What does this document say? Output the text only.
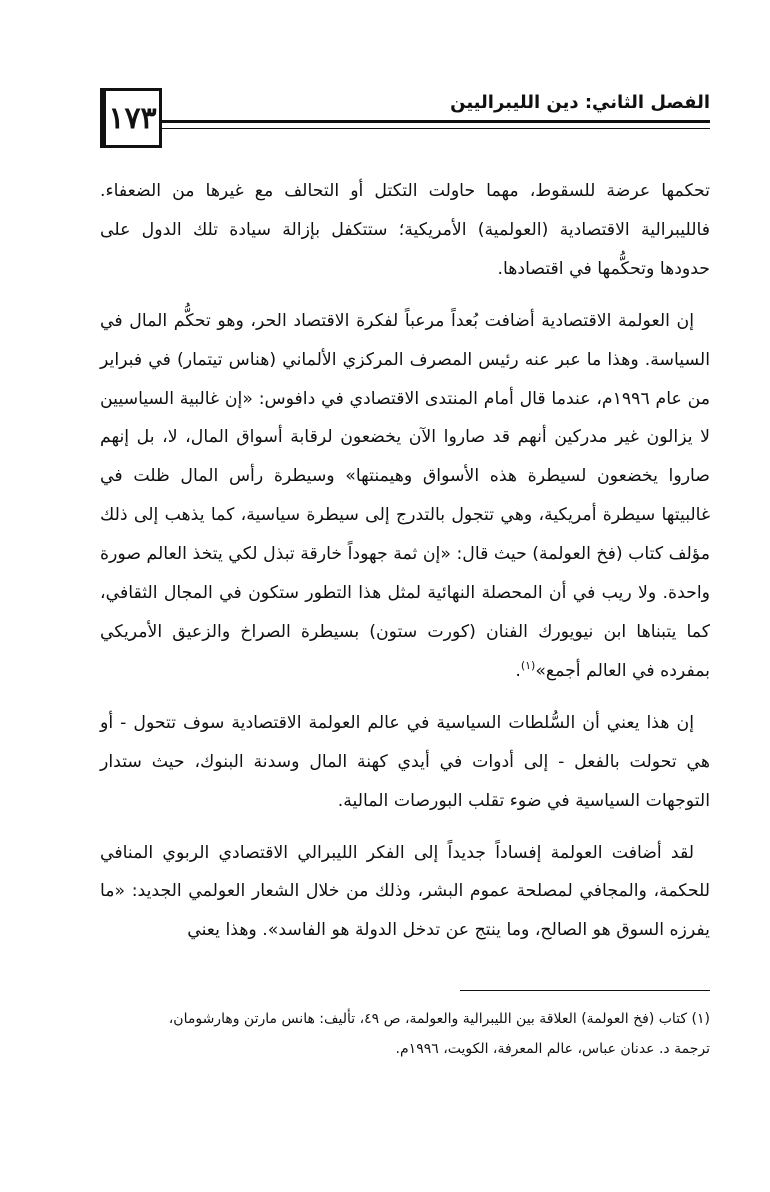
١٧٣	الفصل الثاني: دين الليبراليين

تحكمها عرضة للسقوط، مهما حاولت التكتل أو التحالف مع غيرها من الضعفاء. فالليبرالية الاقتصادية (العولمية) الأمريكية؛ ستتكفل بإزالة سيادة تلك الدول على حدودها وتحكُّمها في اقتصادها.

إن العولمة الاقتصادية أضافت بُعداً مرعباً لفكرة الاقتصاد الحر، وهو تحكُّم المال في السياسة. وهذا ما عبر عنه رئيس المصرف المركزي الألماني (هناس تيتمار) في فبراير من عام ١٩٩٦م، عندما قال أمام المنتدى الاقتصادي في دافوس: «إن غالبية السياسيين لا يزالون غير مدركين أنهم قد صاروا الآن يخضعون لرقابة أسواق المال، لا، بل إنهم صاروا يخضعون لسيطرة هذه الأسواق وهيمنتها» وسيطرة رأس المال ظلت في غالبيتها سيطرة أمريكية، وهي تتجول بالتدرج إلى سيطرة سياسية، كما يذهب إلى ذلك مؤلف كتاب (فخ العولمة) حيث قال: «إن ثمة جهوداً خارقة تبذل لكي يتخذ العالم صورة واحدة. ولا ريب في أن المحصلة النهائية لمثل هذا التطور ستكون في المجال الثقافي، كما يتبناها ابن نيويورك الفنان (كورت ستون) بسيطرة الصراخ والزعيق الأمريكي بمفرده في العالم أجمع»$^{(١)}$.

إن هذا يعني أن السُّلطات السياسية في عالم العولمة الاقتصادية سوف تتحول - أو هي تحولت بالفعل - إلى أدوات في أيدي كهنة المال وسدنة البنوك، حيث ستدار التوجهات السياسية في ضوء تقلب البورصات المالية.

لقد أضافت العولمة إفساداً جديداً إلى الفكر الليبرالي الاقتصادي الربوي المنافي للحكمة، والمجافي لمصلحة عموم البشر، وذلك من خلال الشعار العولمي الجديد: «ما يفرزه السوق هو الصالح، وما ينتج عن تدخل الدولة هو الفاسد». وهذا يعني

(١) كتاب (فخ العولمة) العلاقة بين الليبرالية والعولمة، ص ٤٩، تأليف: هانس مارتن وهارشومان،

ترجمة د. عدنان عباس، عالم المعرفة، الكويت، ١٩٩٦م.
